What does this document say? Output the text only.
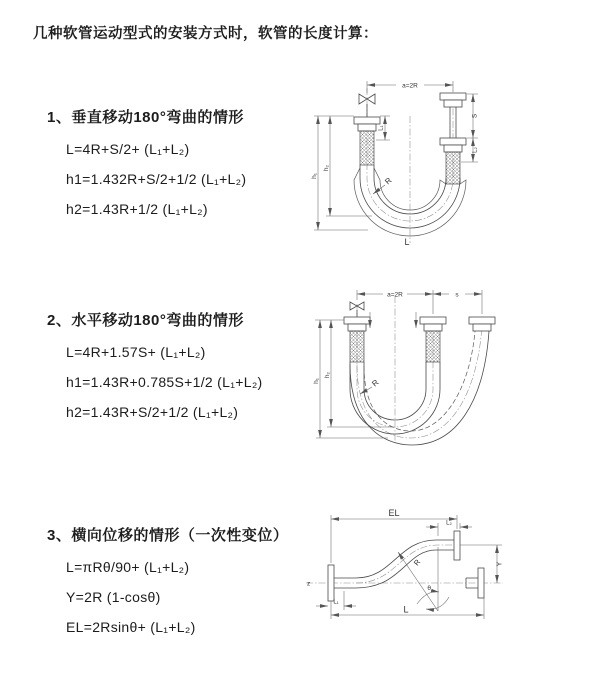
几种软管运动型式的安装方式时，软管的长度计算：
1、垂直移动180°弯曲的情形
L=4R+S/2+ (L₁+L₂)
h1=1.432R+S/2+1/2 (L₁+L₂)
h2=1.43R+1/2 (L₁+L₂)
2、水平移动180°弯曲的情形
L=4R+1.57S+ (L₁+L₂)
h1=1.43R+0.785S+1/2 (L₁+L₂)
h2=1.43R+S/2+1/2 (L₁+L₂)
3、横向位移的情形（一次性变位）
L=πRθ/90+ (L₁+L₂)
Y=2R (1-cosθ)
EL=2Rsinθ+ (L₁+L₂)
a=2R
h₁
h₂
L₁
S
L₂
R
L
a=2R	s
h₁
h₂
R
z
EL
L₂
Y
L
L₁
θ
R
